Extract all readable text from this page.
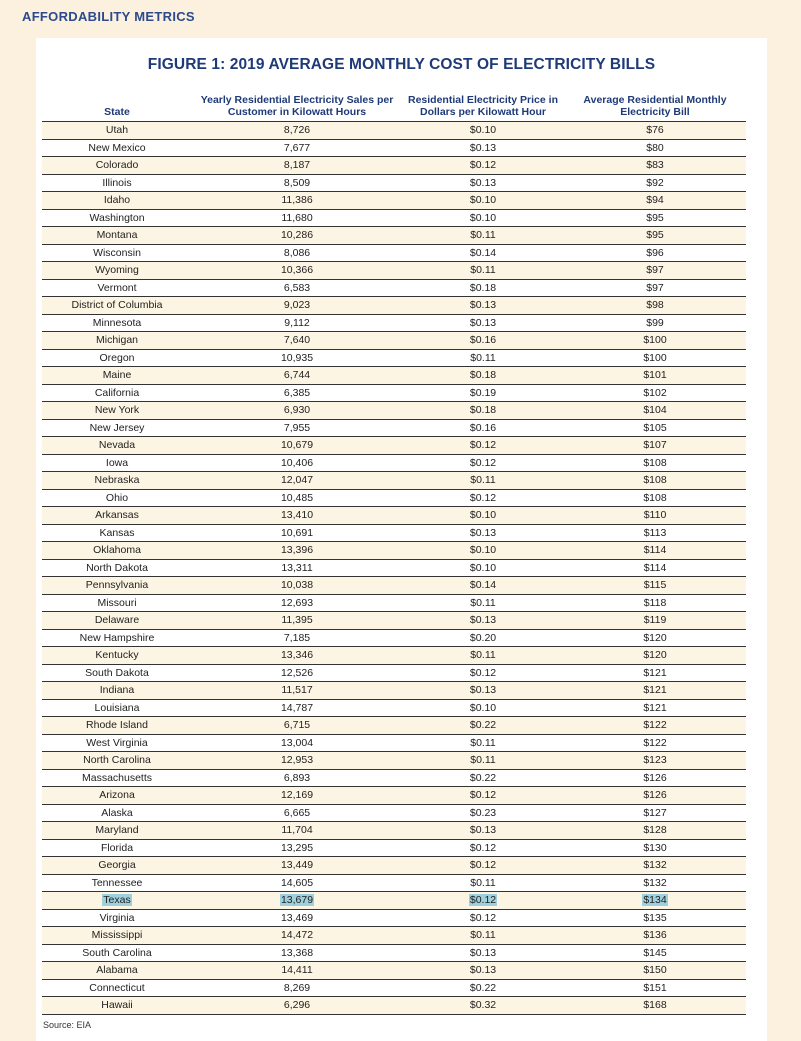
AFFORDABILITY METRICS
FIGURE 1: 2019 AVERAGE MONTHLY COST OF ELECTRICITY BILLS
State	Yearly Residential Electricity Sales per Customer in Kilowatt Hours	Residential Electricity Price in Dollars per Kilowatt Hour	Average Residential Monthly Electricity Bill
Utah	8,726	$0.10	$76
New Mexico	7,677	$0.13	$80
Colorado	8,187	$0.12	$83
Illinois	8,509	$0.13	$92
Idaho	11,386	$0.10	$94
Washington	11,680	$0.10	$95
Montana	10,286	$0.11	$95
Wisconsin	8,086	$0.14	$96
Wyoming	10,366	$0.11	$97
Vermont	6,583	$0.18	$97
District of Columbia	9,023	$0.13	$98
Minnesota	9,112	$0.13	$99
Michigan	7,640	$0.16	$100
Oregon	10,935	$0.11	$100
Maine	6,744	$0.18	$101
California	6,385	$0.19	$102
New York	6,930	$0.18	$104
New Jersey	7,955	$0.16	$105
Nevada	10,679	$0.12	$107
Iowa	10,406	$0.12	$108
Nebraska	12,047	$0.11	$108
Ohio	10,485	$0.12	$108
Arkansas	13,410	$0.10	$110
Kansas	10,691	$0.13	$113
Oklahoma	13,396	$0.10	$114
North Dakota	13,311	$0.10	$114
Pennsylvania	10,038	$0.14	$115
Missouri	12,693	$0.11	$118
Delaware	11,395	$0.13	$119
New Hampshire	7,185	$0.20	$120
Kentucky	13,346	$0.11	$120
South Dakota	12,526	$0.12	$121
Indiana	11,517	$0.13	$121
Louisiana	14,787	$0.10	$121
Rhode Island	6,715	$0.22	$122
West Virginia	13,004	$0.11	$122
North Carolina	12,953	$0.11	$123
Massachusetts	6,893	$0.22	$126
Arizona	12,169	$0.12	$126
Alaska	6,665	$0.23	$127
Maryland	11,704	$0.13	$128
Florida	13,295	$0.12	$130
Georgia	13,449	$0.12	$132
Tennessee	14,605	$0.11	$132
Texas	13,679	$0.12	$134
Virginia	13,469	$0.12	$135
Mississippi	14,472	$0.11	$136
South Carolina	13,368	$0.13	$145
Alabama	14,411	$0.13	$150
Connecticut	8,269	$0.22	$151
Hawaii	6,296	$0.32	$168
Source: EIA
